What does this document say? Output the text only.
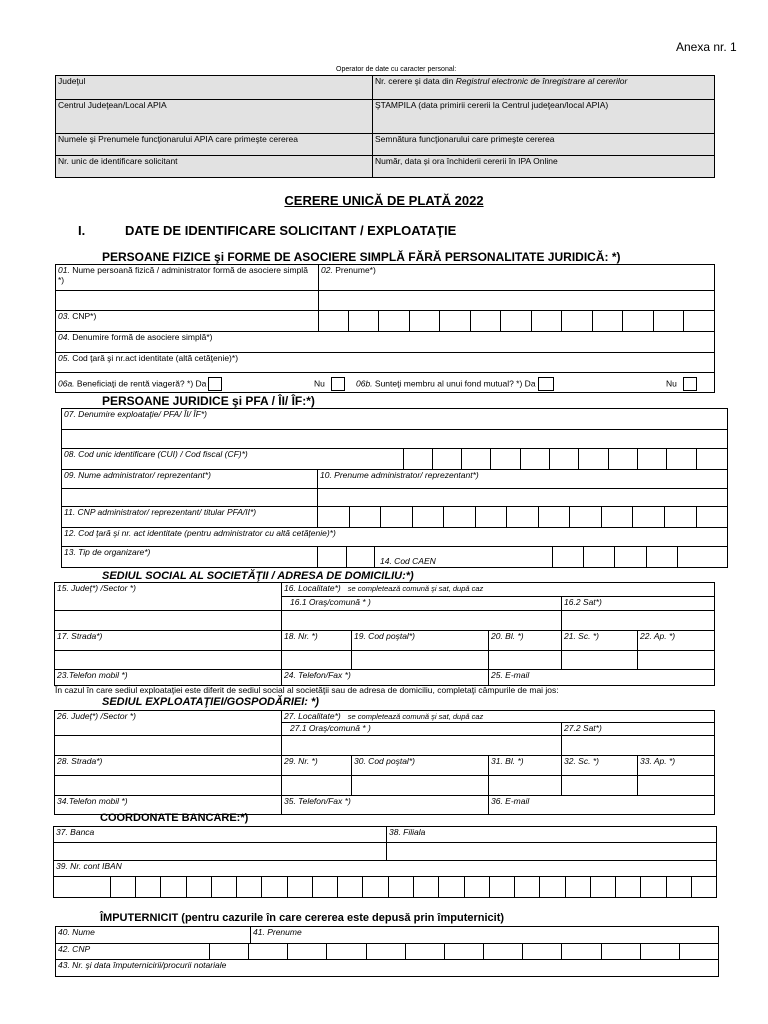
Anexa nr. 1
Operator de date cu caracter personal:
Judeţul	Nr. cerere şi data din Registrul electronic de înregistrare al cererilor
Centrul Judeţean/Local APIA	ŞTAMPILA (data primirii cererii la Centrul judeţean/local APIA)
Numele şi Prenumele funcţionarului APIA care primeşte cererea	Semnătura funcţionarului care primeşte cererea
Nr. unic de identificare solicitant	Număr, data și ora închiderii cererii în IPA Online
CERERE UNICĂ DE PLATĂ 2022
I.	DATE DE IDENTIFICARE SOLICITANT / EXPLOATAŢIE
PERSOANE FIZICE şi FORME DE ASOCIERE SIMPLĂ FĂRĂ PERSONALITATE JURIDICĂ: *)
01. Nume persoană fizică / administrator formă de asociere simplă *)	02. Prenume*)												

03. CNP*)													
04. Denumire formă de asociere simplă*)													
05. Cod ţară şi nr.act identitate (altă cetăţenie)*)													

06a. Beneficiaţi de rentă viageră? *) Da Nu 06b. Sunteţi membru al unui fond mutual? *) Da Nu													
PERSOANE JURIDICE şi PFA / ÎI/ ÎF:*)
07. Denumire exploataţie/ PFA/ ÎI/ ÎF*)												

08. Cod unic identificare (CUI) / Cod fiscal (CF)*)												
09. Nume administrator/ reprezentant*)	10. Prenume administrator/ reprezentant*)											

11. CNP administrator/ reprezentant/ titular PFA/II*)												

12. Cod ţară şi nr. act identitate (pentru administrator cu altă cetăţenie)*)												
13. Tip de organizare*)	14. Cod CAEN											
SEDIUL SOCIAL AL SOCIETĂŢII / ADRESA DE DOMICILIU:*)
15. Judeţ*) /Sector *)	16. Localitate*) se completează comună şi sat, după caz				
	16.1 Oraş/comună * )			16.2 Sat*)	

17. Strada*)	18. Nr. *)	19. Cod poştal*)	20. Bl. *)	21. Sc. *)	22. Ap. *)

23.Telefon mobil *)	24. Telefon/Fax *)		25. E-mail		
În cazul în care sediul exploataţiei este diferit de sediul social al societăţii sau de adresa de domiciliu, completaţi câmpurile de mai jos:
SEDIUL EXPLOATAŢIEI/GOSPODĂRIEI: *)
26. Judeţ*) /Sector *)	27. Localitate*) se completează comună şi sat, după caz				
	27.1 Oraş/comună * )			27.2 Sat*)	

28. Strada*)	29. Nr. *)	30. Cod poştal*)	31. Bl. *)	32. Sc. *)	33. Ap. *)

34.Telefon mobil *)	35. Telefon/Fax *)		36. E-mail		
COORDONATE BANCARE:*)
37. Banca	38. Filiala

39. Nr. cont IBAN	

ÎMPUTERNICIT (pentru cazurile în care cererea este depusă prin împuternicit)
40. Nume		41. Prenume
42. CNP		

43. Nr. şi data împuternicirii/procurii notariale		
